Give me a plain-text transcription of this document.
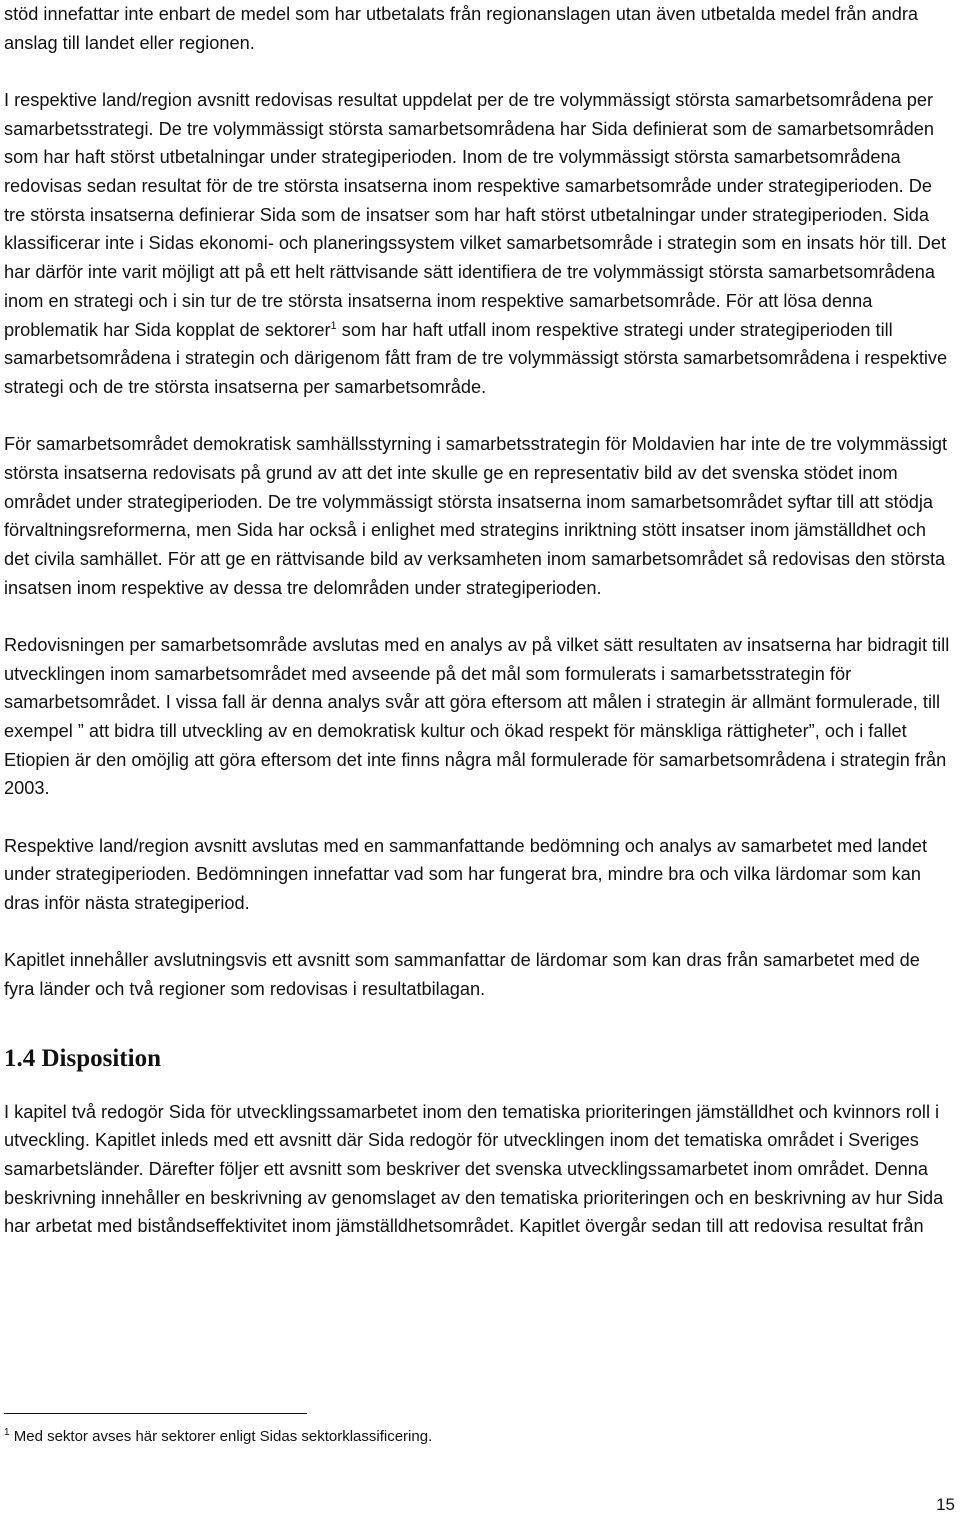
stöd innefattar inte enbart de medel som har utbetalats från regionanslagen utan även utbetalda medel från andra anslag till landet eller regionen.

I respektive land/region avsnitt redovisas resultat uppdelat per de tre volymmässigt största samarbetsområdena per samarbetsstrategi. De tre volymmässigt största samarbetsområdena har Sida definierat som de samarbetsområden som har haft störst utbetalningar under strategiperioden. Inom de tre volymmässigt största samarbetsområdena redovisas sedan resultat för de tre största insatserna inom respektive samarbetsområde under strategiperioden. De tre största insatserna definierar Sida som de insatser som har haft störst utbetalningar under strategiperioden. Sida klassificerar inte i Sidas ekonomi- och planeringssystem vilket samarbetsområde i strategin som en insats hör till. Det har därför inte varit möjligt att på ett helt rättvisande sätt identifiera de tre volymmässigt största samarbetsområdena inom en strategi och i sin tur de tre största insatserna inom respektive samarbetsområde. För att lösa denna problematik har Sida kopplat de sektorer$^1$ som har haft utfall inom respektive strategi under strategiperioden till samarbetsområdena i strategin och därigenom fått fram de tre volymmässigt största samarbetsområdena i respektive strategi och de tre största insatserna per samarbetsområde.

För samarbetsområdet demokratisk samhällsstyrning i samarbetsstrategin för Moldavien har inte de tre volymmässigt största insatserna redovisats på grund av att det inte skulle ge en representativ bild av det svenska stödet inom området under strategiperioden. De tre volymmässigt största insatserna inom samarbetsområdet syftar till att stödja förvaltningsreformerna, men Sida har också i enlighet med strategins inriktning stött insatser inom jämställdhet och det civila samhället. För att ge en rättvisande bild av verksamheten inom samarbetsområdet så redovisas den största insatsen inom respektive av dessa tre delområden under strategiperioden.

Redovisningen per samarbetsområde avslutas med en analys av på vilket sätt resultaten av insatserna har bidragit till utvecklingen inom samarbetsområdet med avseende på det mål som formulerats i samarbetsstrategin för samarbetsområdet. I vissa fall är denna analys svår att göra eftersom att målen i strategin är allmänt formulerade, till exempel ” att bidra till utveckling av en demokratisk kultur och ökad respekt för mänskliga rättigheter”, och i fallet Etiopien är den omöjlig att göra eftersom det inte finns några mål formulerade för samarbetsområdena i strategin från 2003.

Respektive land/region avsnitt avslutas med en sammanfattande bedömning och analys av samarbetet med landet under strategiperioden. Bedömningen innefattar vad som har fungerat bra, mindre bra och vilka lärdomar som kan dras inför nästa strategiperiod.

Kapitlet innehåller avslutningsvis ett avsnitt som sammanfattar de lärdomar som kan dras från samarbetet med de fyra länder och två regioner som redovisas i resultatbilagan.

1.4 Disposition

I kapitel två redogör Sida för utvecklingssamarbetet inom den tematiska prioriteringen jämställdhet och kvinnors roll i utveckling. Kapitlet inleds med ett avsnitt där Sida redogör för utvecklingen inom det tematiska området i Sveriges samarbetsländer. Därefter följer ett avsnitt som beskriver det svenska utvecklingssamarbetet inom området. Denna beskrivning innehåller en beskrivning av genomslaget av den tematiska prioriteringen och en beskrivning av hur Sida har arbetat med biståndseffektivitet inom jämställdhetsområdet. Kapitlet övergår sedan till att redovisa resultat från

$^1$ Med sektor avses här sektorer enligt Sidas sektorklassificering.
15
